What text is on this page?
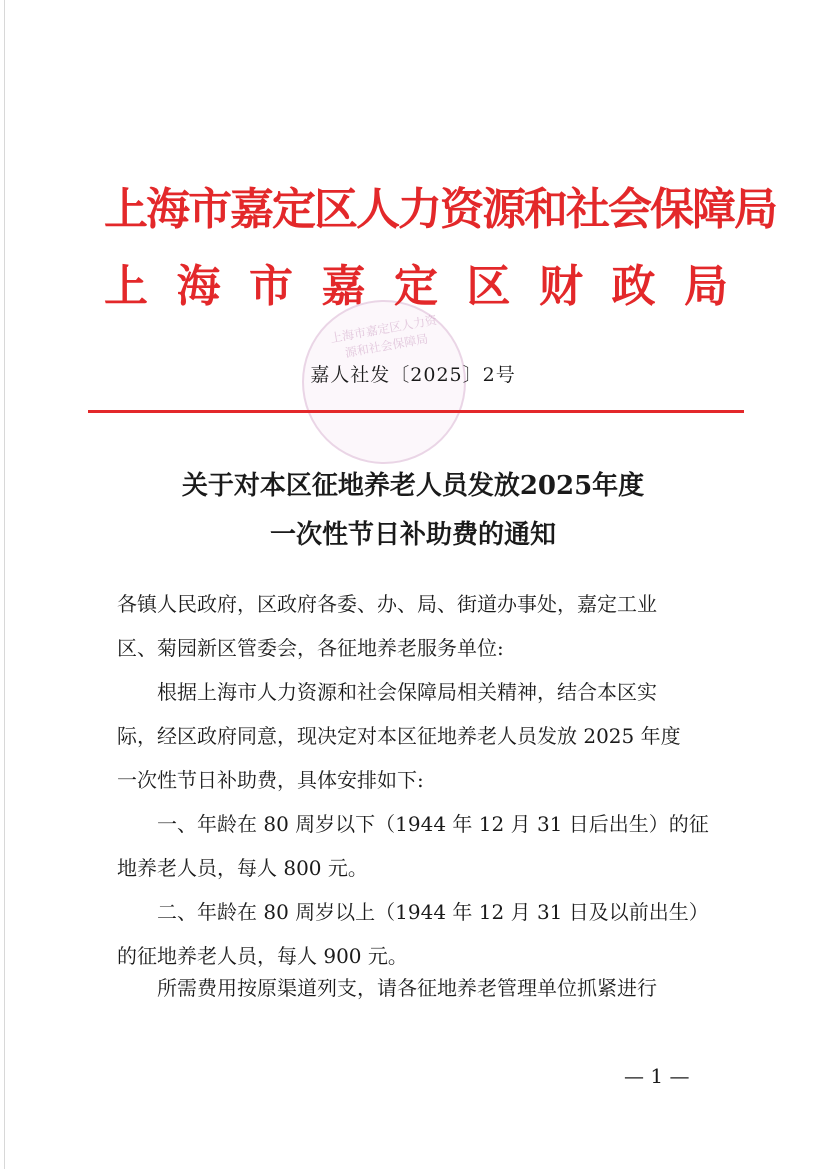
上海市嘉定区人力资源和社会保障局
上海市嘉定区人力资源和社会保障局
上 海 市 嘉 定 区 财 政 局
嘉人社发〔2025〕2号
关于对本区征地养老人员发放2025年度
一次性节日补助费的通知
各镇人民政府，区政府各委、办、局、街道办事处，嘉定工业
区、菊园新区管委会，各征地养老服务单位:
根据上海市人力资源和社会保障局相关精神，结合本区实
际，经区政府同意，现决定对本区征地养老人员发放 2025 年度
一次性节日补助费，具体安排如下:
一、年龄在 80 周岁以下（1944 年 12 月 31 日后出生）的征
地养老人员，每人 800 元。
二、年龄在 80 周岁以上（1944 年 12 月 31 日及以前出生）
的征地养老人员，每人 900 元。
所需费用按原渠道列支，请各征地养老管理单位抓紧进行
— 1 —
